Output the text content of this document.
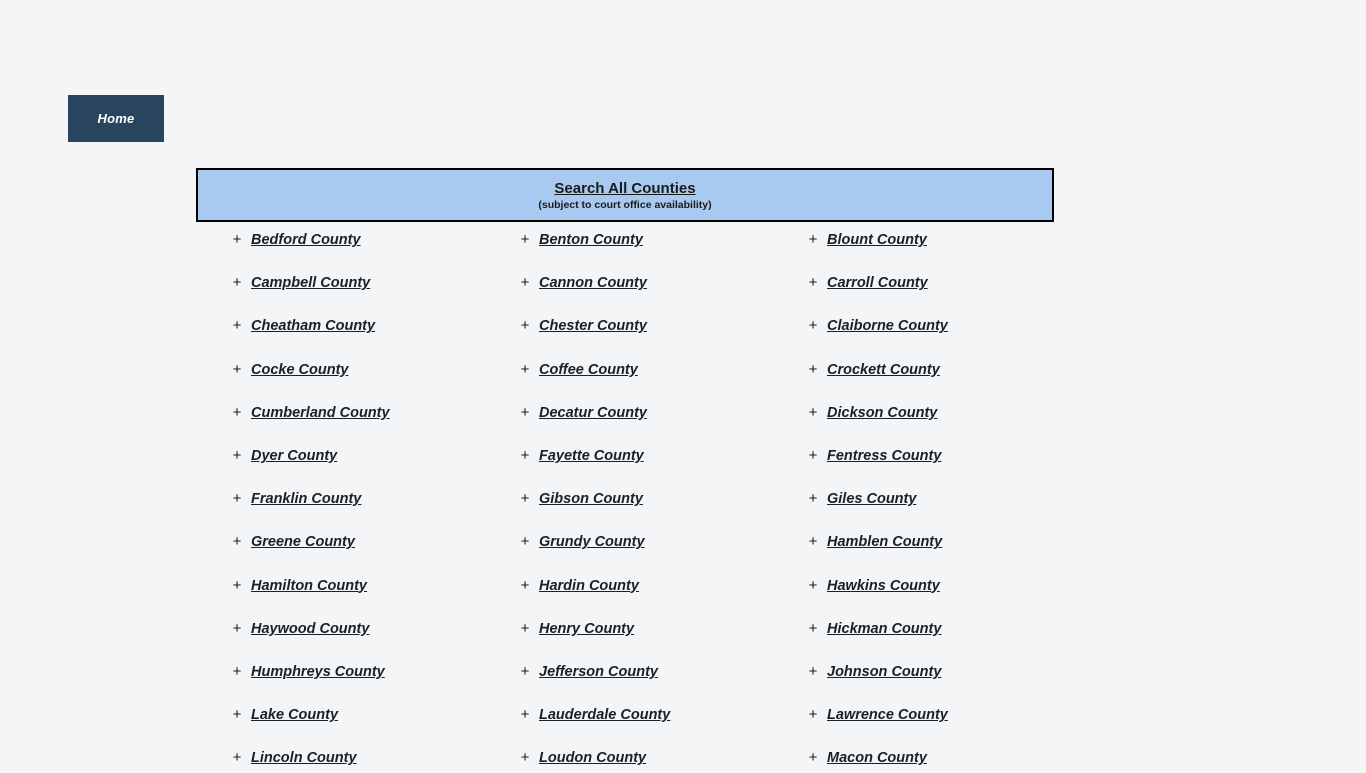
Home
Search All Counties
(subject to court office availability)
+ Bedford County	+ Benton County	+ Blount County
+ Campbell County	+ Cannon County	+ Carroll County
+ Cheatham County	+ Chester County	+ Claiborne County
+ Cocke County	+ Coffee County	+ Crockett County
+ Cumberland County	+ Decatur County	+ Dickson County
+ Dyer County	+ Fayette County	+ Fentress County
+ Franklin County	+ Gibson County	+ Giles County
+ Greene County	+ Grundy County	+ Hamblen County
+ Hamilton County	+ Hardin County	+ Hawkins County
+ Haywood County	+ Henry County	+ Hickman County
+ Humphreys County	+ Jefferson County	+ Johnson County
+ Lake County	+ Lauderdale County	+ Lawrence County
+ Lincoln County	+ Loudon County	+ Macon County
